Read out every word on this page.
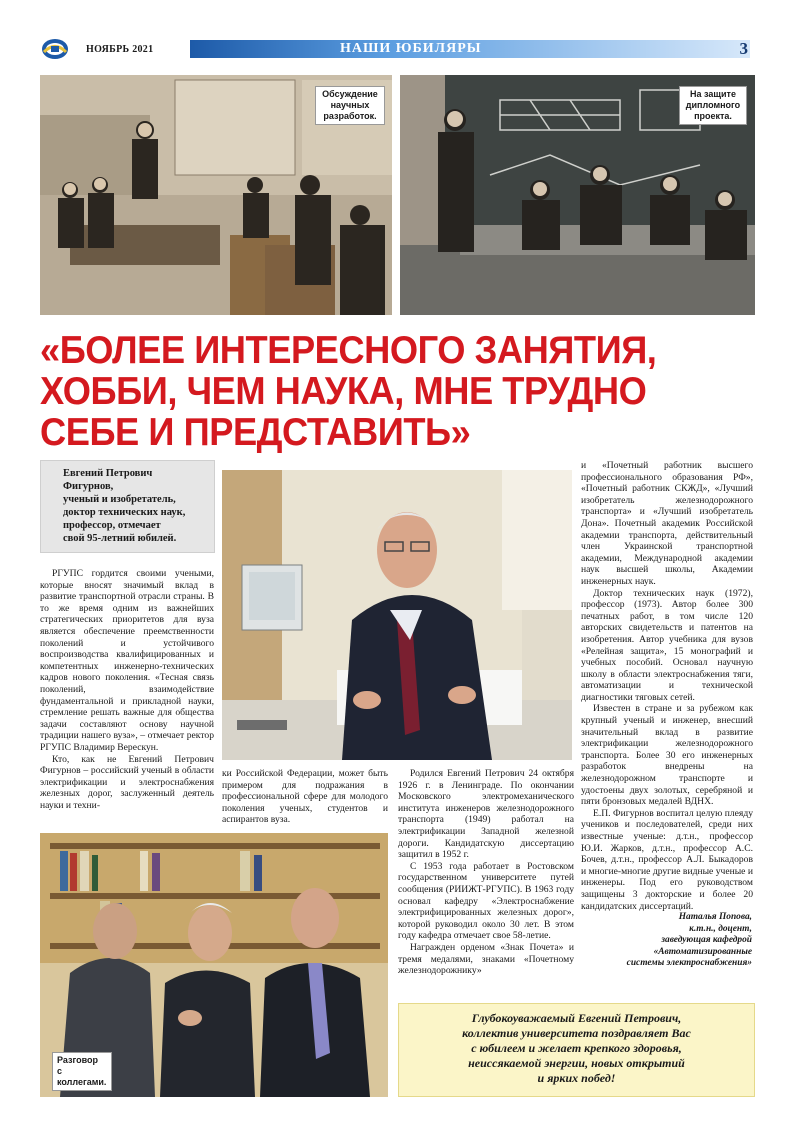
НОЯБРЬ 2021	НАШИ ЮБИЛЯРЫ	3
Обсуждение
научных
разработок.
На защите
дипломного
проекта.
«БОЛЕЕ ИНТЕРЕСНОГО ЗАНЯТИЯ,
ХОББИ, ЧЕМ НАУКА, МНЕ ТРУДНО
СЕБЕ И ПРЕДСТАВИТЬ»
Евгений Петрович
Фигурнов,
ученый и изобретатель,
доктор технических наук,
профессор, отмечает
свой 95-летний юбилей.

РГУПС гордится своими учеными, которые вносят значимый вклад в развитие транспортной отрасли страны. В то же время одним из важнейших стратегических приоритетов для вуза является обеспечение преемственности поколений и устойчивого воспроизводства квалифицированных и компетентных инженерно-технических кадров нового поколения. «Тесная связь поколений, взаимодействие фундаментальной и прикладной науки, стремление решать важные для общества задачи составляют основу научной традиции нашего вуза», – отмечает ректор РГУПС Владимир Верескун.

Кто, как не Евгений Петрович Фигурнов – российский ученый в области электрификации и электроснабжения железных дорог, заслуженный деятель науки и техни-

ки Российской Федерации, может быть примером для подражания в профессиональной сфере для молодого поколения ученых, студентов и аспирантов вуза.

Родился Евгений Петрович 24 октября 1926 г. в Ленинграде. По окончании Московского электромеханического института инженеров железнодорожного транспорта (1949) работал на электрификации Западной железной дороги. Кандидатскую диссертацию защитил в 1952 г.

С 1953 года работает в Ростовском государственном университете путей сообщения (РИИЖТ-РГУПС). В 1963 году основал кафедру «Электроснабжение электрифицированных железных дорог», которой руководил около 30 лет. В этом году кафедра отмечает свое 58-летие.

Награжден орденом «Знак Почета» и тремя медалями, знаками «Почетному железнодорожнику»

и «Почетный работник высшего профессионального образования РФ», «Почетный работник СКЖД», «Лучший изобретатель железнодорожного транспорта» и «Лучший изобретатель Дона». Почетный академик Российской академии транспорта, действительный член Украинской транспортной академии, Международной академии наук высшей школы, Академии инженерных наук.

Доктор технических наук (1972), профессор (1973). Автор более 300 печатных работ, в том числе 120 авторских свидетельств и патентов на изобретения. Автор учебника для вузов «Релейная защита», 15 монографий и учебных пособий. Основал научную школу в области электроснабжения тяги, автоматизации и технической диагностики тяговых сетей.

Известен в стране и за рубежом как крупный ученый и инженер, внесший значительный вклад в развитие электрификации железнодорожного транспорта. Более 30 его инженерных разработок внедрены на железнодорожном транспорте и удостоены двух золотых, серебряной и пяти бронзовых медалей ВДНХ.

Е.П. Фигурнов воспитал целую плеяду учеников и последователей, среди них известные ученые: д.т.н., профессор Ю.И. Жарков, д.т.н., профессор А.С. Бочев, д.т.н., профессор А.Л. Быкадоров и многие-многие другие видные ученые и инженеры. Под его руководством защищены 3 докторские и более 20 кандидатских диссертаций.

Наталья Попова,
к.т.н., доцент,
заведующая кафедрой
«Автоматизированные
системы электроснабжения»
Разговор
с коллегами.
Глубокоуважаемый Евгений Петрович,
коллектив университета поздравляет Вас
с юбилеем и желает крепкого здоровья,
неиссякаемой энергии, новых открытий
и ярких побед!
